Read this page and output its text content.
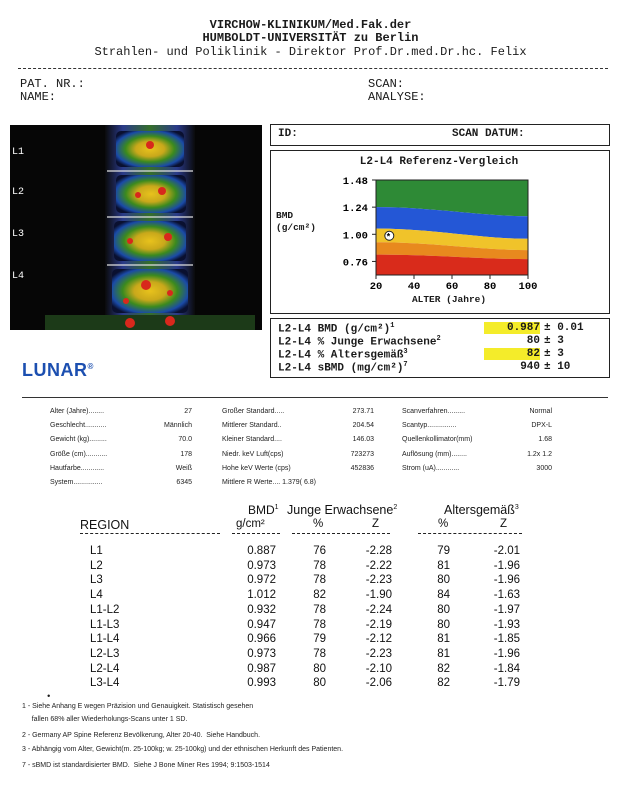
VIRCHOW-KLINIKUM/Med.Fak.der
HUMBOLDT-UNIVERSITÄT zu Berlin
Strahlen- und Poliklinik - Direktor Prof.Dr.med.Dr.hc. Felix
PAT. NR.:
NAME:
SCAN:
ANALYSE:
L1
L2
L3
L4
LUNAR®
ID:	SCAN DATUM:
L2-L4 Referenz-Vergleich
BMD
(g/cm²)
1.48
1.24
1.00
0.76
20 40 60 80 100
*
ALTER (Jahre)
L2-L4 BMD $(g/cm^2)^1$	0.987 ± 0.01
L2-L4 % Junge Erwachsene$^2$	80 ± 3
L2-L4 % Altersgemäß$^3$	82 ± 3
L2-L4 sBMD $(mg/cm^2)^7$	940 ± 10
Alter (Jahre)........	27
Geschlecht...........	Männlich
Gewicht (kg).........	70.0
Größe (cm)...........	178
Hautfarbe............	Weiß
System...............	6345
Großer Standard.....	273.71
Mittlerer Standard..	204.54
Kleiner Standard....	146.03
Niedr. keV Luft(cps)	723273
Hohe keV Werte (cps)	452836
Mittlere R Werte.... 1.379( 6.8)
Scanverfahren.........	Normal
Scantyp...............	DPX-L
Quellenkollimator(mm)	1.68
Auflösung (mm)........	1.2x 1.2
Strom (uA)............	3000
BMD$^1$ Junge Erwachsene$^2$	Altersgemäß$^3$
REGION	g/cm²	%	Z	%	Z
L1	0.887	76	-2.28	79	-2.01
L2	0.973	78	-2.22	81	-1.96
L3	0.972	78	-2.23	80	-1.96
L4	1.012	82	-1.90	84	-1.63
L1-L2	0.932	78	-2.24	80	-1.97
L1-L3	0.947	78	-2.19	80	-1.93
L1-L4	0.966	79	-2.12	81	-1.85
L2-L3	0.973	78	-2.23	81	-1.96
L2-L4	0.987	80	-2.10	82	-1.84
L3-L4	0.993	80	-2.06	82	-1.79
•
1 - Siehe Anhang E wegen Präzision und Genauigkeit. Statistisch gesehen
fallen 68% aller Wiederholungs-Scans unter 1 SD.
2 - Germany AP Spine Referenz Bevölkerung, Alter 20-40.  Siehe Handbuch.
3 - Abhängig vom Alter, Gewicht(m. 25-100kg; w. 25-100kg) und der ethnischen Herkunft des Patienten.
7 - sBMD ist standardisierter BMD.  Siehe J Bone Miner Res 1994; 9:1503-1514
